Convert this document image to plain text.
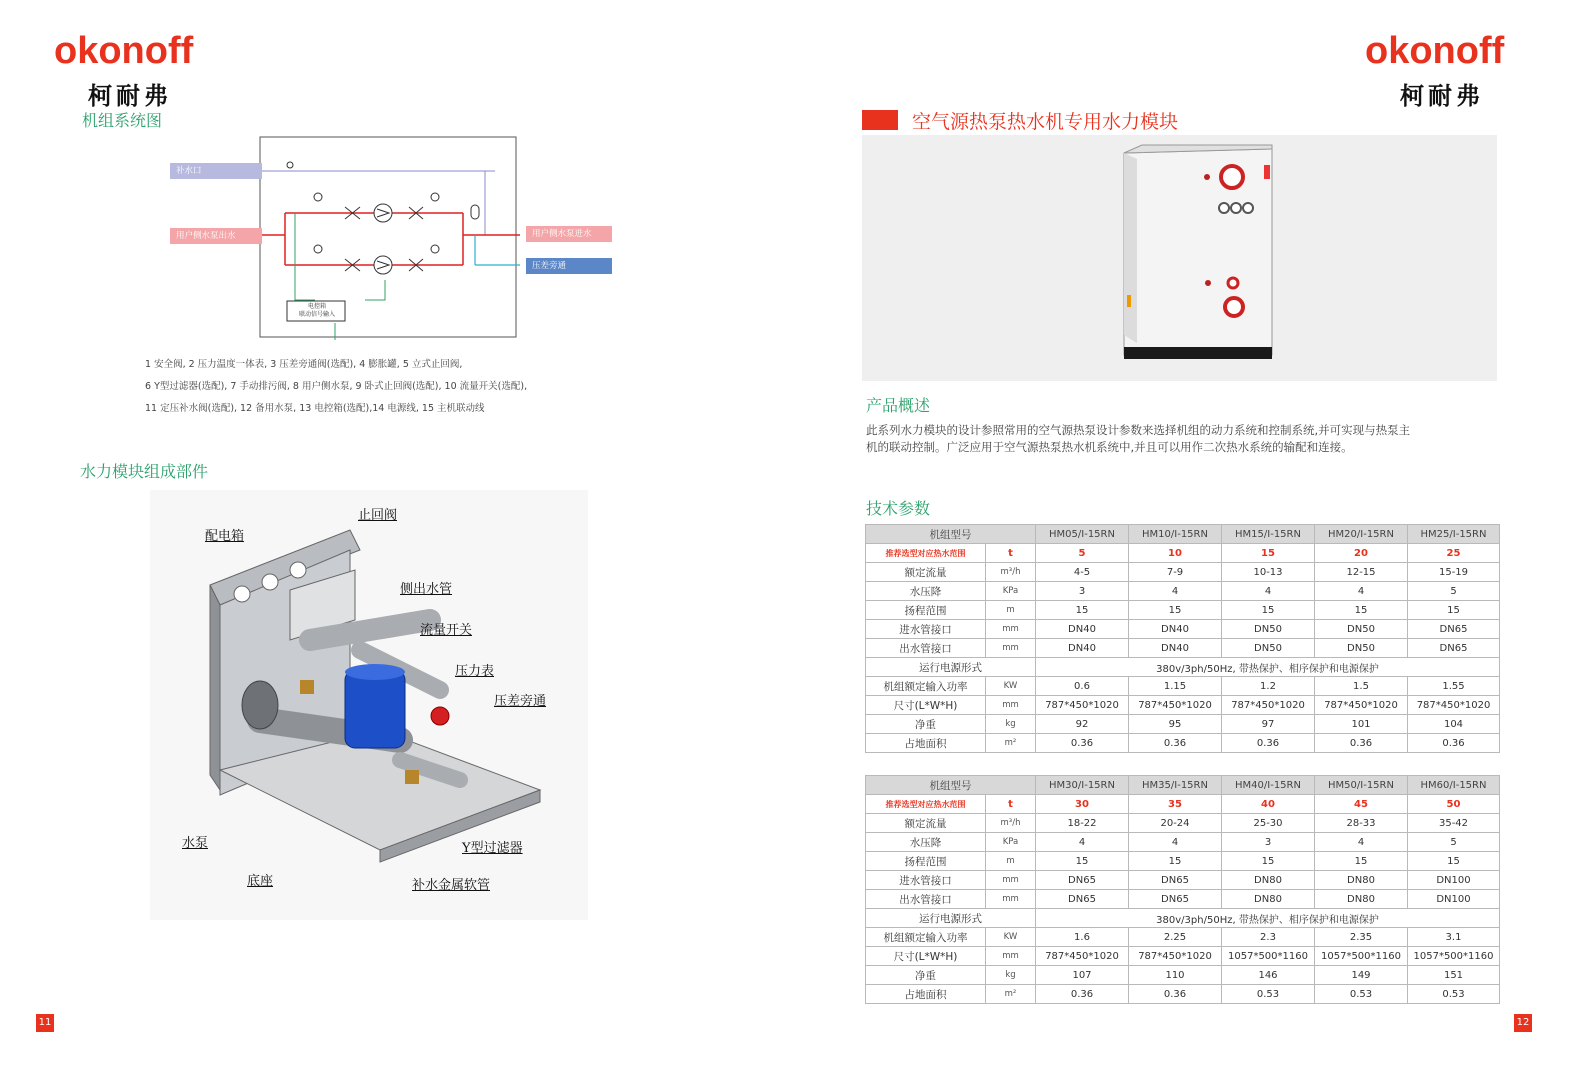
okonoff
柯耐弗
机组系统图
补水口
用户侧水泵出水	用户侧水泵进水
压差旁通
电控箱
联动信号输入
1 安全阀, 2 压力温度一体表, 3 压差旁通阀(选配), 4 膨胀罐, 5 立式止回阀,
6 Y型过滤器(选配), 7 手动排污阀, 8 用户侧水泵, 9 卧式止回阀(选配), 10 流量开关(选配),
11 定压补水阀(选配), 12 备用水泵, 13 电控箱(选配),14 电源线, 15 主机联动线
水力模块组成部件
配电箱
止回阀
侧出水管
流量开关
压力表
压差旁通
水泵
底座
Y型过滤器
补水金属软管
11
okonoff
柯耐弗
空气源热泵热水机专用水力模块
产品概述
此系列水力模块的设计参照常用的空气源热泵设计参数来选择机组的动力系统和控制系统,并可实现与热泵主机的联动控制。广泛应用于空气源热泵热水机系统中,并且可以用作二次热水系统的输配和连接。
技术参数
机组型号		HM05/I-15RN	HM10/I-15RN	HM15/I-15RN	HM20/I-15RN	HM25/I-15RN
推荐选型对应热水范围	t	5	10	15	20	25
额定流量	m³/h	4-5	7-9	10-13	12-15	15-19
水压降	KPa	3	4	4	4	5
扬程范围	m	15	15	15	15	15
进水管接口	mm	DN40	DN40	DN50	DN50	DN65
出水管接口	mm	DN40	DN40	DN50	DN50	DN65
运行电源形式		380v/3ph/50Hz, 带热保护、相序保护和电源保护				
机组额定输入功率	KW	0.6	1.15	1.2	1.5	1.55
尺寸(L*W*H)	mm	787*450*1020	787*450*1020	787*450*1020	787*450*1020	787*450*1020
净重	kg	92	95	97	101	104
占地面积	m²	0.36	0.36	0.36	0.36	0.36
机组型号		HM30/I-15RN	HM35/I-15RN	HM40/I-15RN	HM50/I-15RN	HM60/I-15RN
推荐选型对应热水范围	t	30	35	40	45	50
额定流量	m³/h	18-22	20-24	25-30	28-33	35-42
水压降	KPa	4	4	3	4	5
扬程范围	m	15	15	15	15	15
进水管接口	mm	DN65	DN65	DN80	DN80	DN100
出水管接口	mm	DN65	DN65	DN80	DN80	DN100
运行电源形式		380v/3ph/50Hz, 带热保护、相序保护和电源保护				
机组额定输入功率	KW	1.6	2.25	2.3	2.35	3.1
尺寸(L*W*H)	mm	787*450*1020	787*450*1020	1057*500*1160	1057*500*1160	1057*500*1160
净重	kg	107	110	146	149	151
占地面积	m²	0.36	0.36	0.53	0.53	0.53
12
